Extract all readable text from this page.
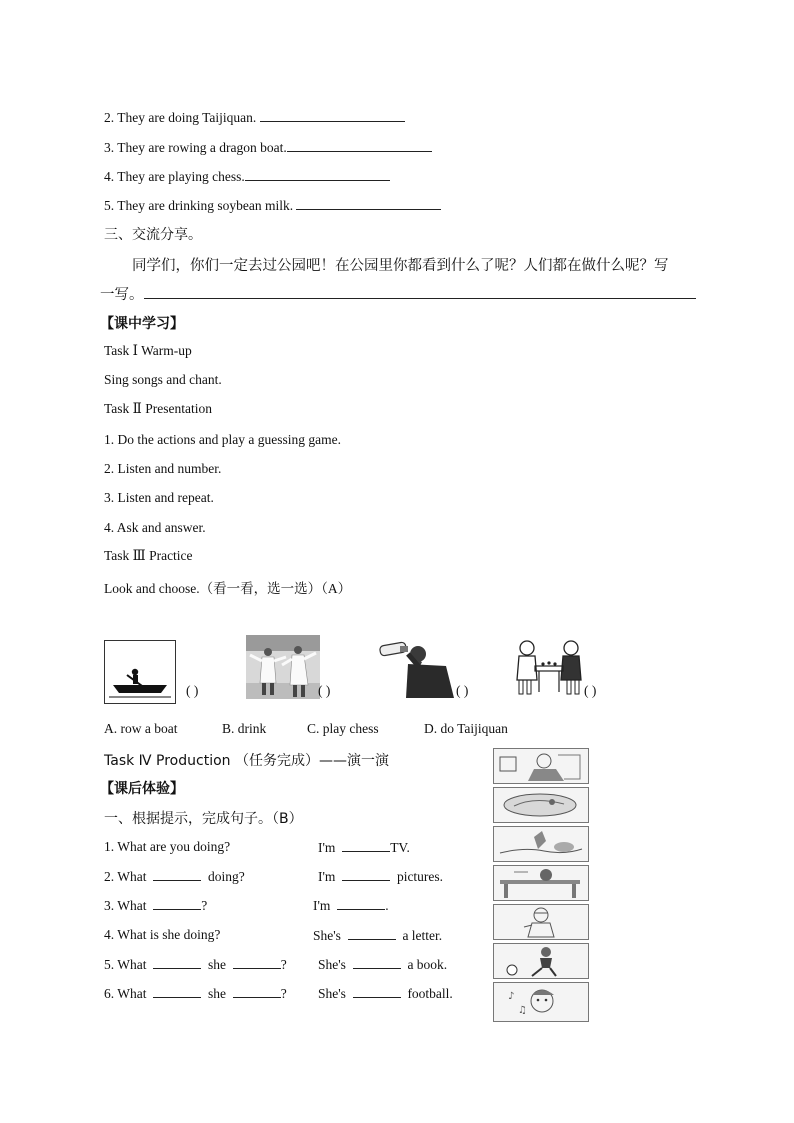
2. They are doing Taijiquan.
3. They are rowing a dragon boat.
4. They are playing chess.
5. They are drinking soybean milk.
三、交流分享。
同学们，你们一定去过公园吧！在公园里你都看到什么了呢？人们都在做什么呢？写
一写。
【课中学习】
Task Ⅰ Warm-up
Sing songs and chant.
Task Ⅱ Presentation
1. Do the actions and play a guessing game.
2. Listen and number.
3. Listen and repeat.
4. Ask and answer.
Task Ⅲ Practice
Look and choose.（看一看，选一选）（A）
( )	( )	( )	( )
A. row a boat	B. drink	C. play chess	D. do Taijiquan
Task Ⅳ Production （任务完成）——演一演
【课后体验】
一、根据提示，完成句子。（B）
1. What are you doing?	I'm	TV.
2. What	doing?	I'm	pictures.
3. What	?	I'm	.
4. What is she doing?	She's	a letter.
5. What	she	? She's	a book.
6. What	she	? She's	football.	♪
♫
